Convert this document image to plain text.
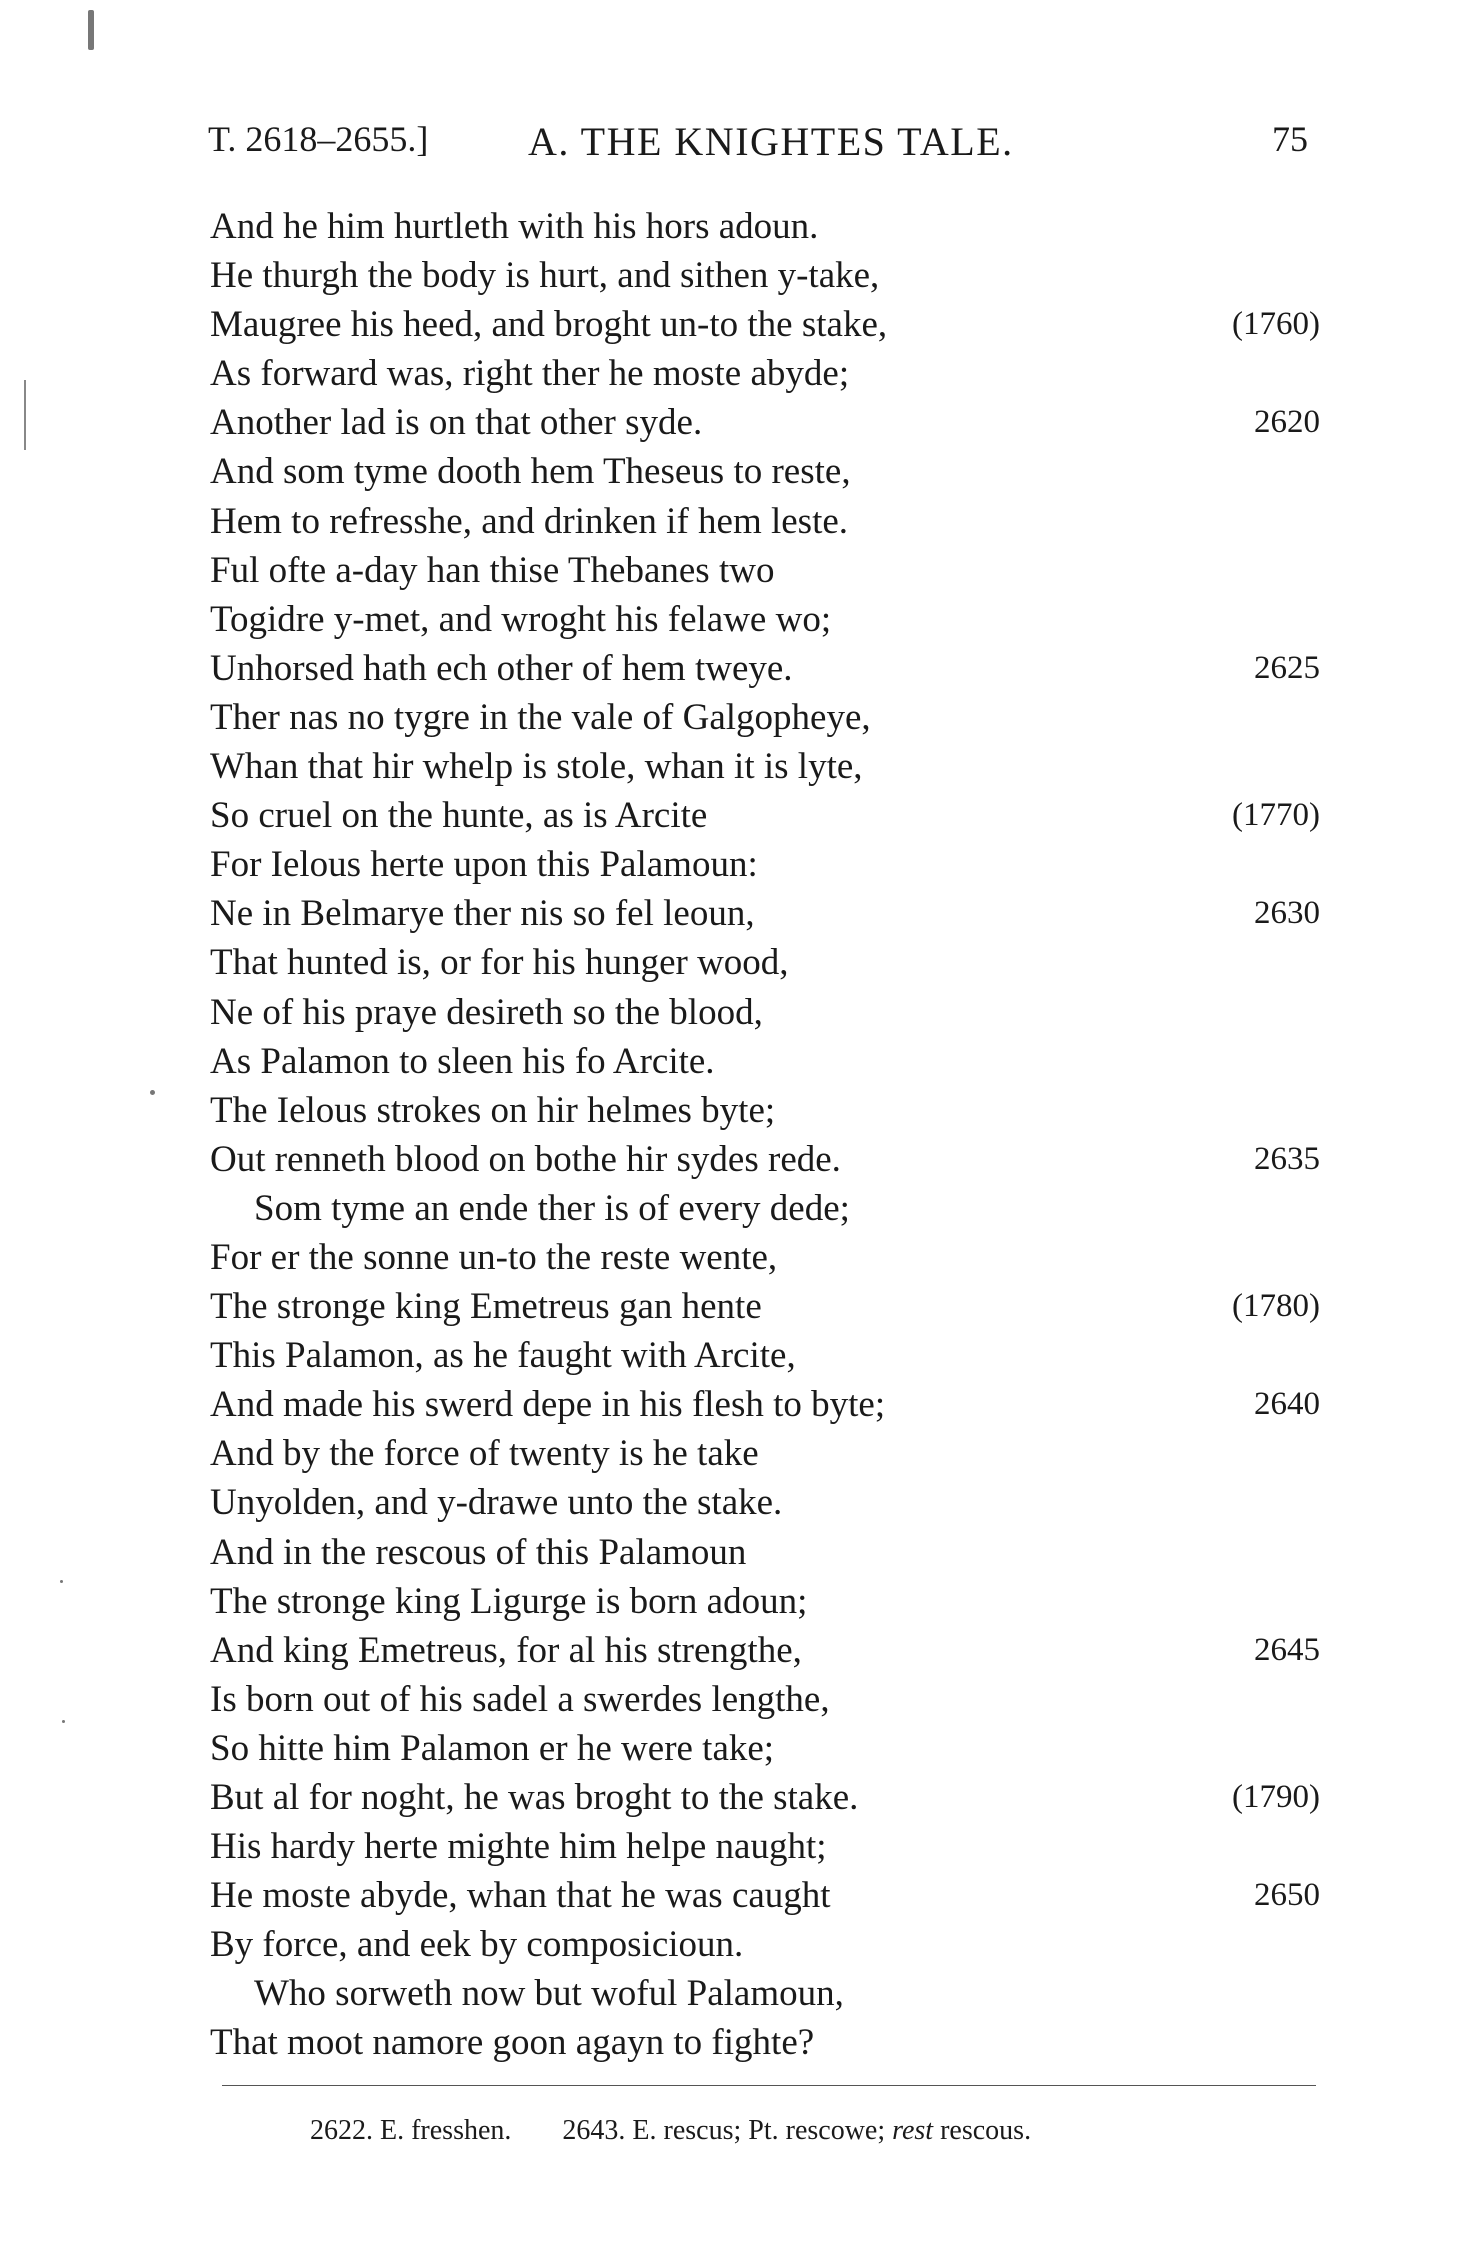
T. 2618–2655.] A. THE KNIGHTES TALE.	75
And he him hurtleth with his hors adoun.
He thurgh the body is hurt, and sithen y-take,
Maugree his heed, and broght un-to the stake,	(1760)
As forward was, right ther he moste abyde;
Another lad is on that other syde.	2620
And som tyme dooth hem Theseus to reste,
Hem to refresshe, and drinken if hem leste.
Ful ofte a-day han thise Thebanes two
Togidre y-met, and wroght his felawe wo;
Unhorsed hath ech other of hem tweye.	2625
Ther nas no tygre in the vale of Galgopheye,
Whan that hir whelp is stole, whan it is lyte,
So cruel on the hunte, as is Arcite	(1770)
For Ielous herte upon this Palamoun:
Ne in Belmarye ther nis so fel leoun,	2630
That hunted is, or for his hunger wood,
Ne of his praye desireth so the blood,
As Palamon to sleen his fo Arcite.
The Ielous strokes on hir helmes byte;
Out renneth blood on bothe hir sydes rede.	2635
Som tyme an ende ther is of every dede;
For er the sonne un-to the reste wente,
The stronge king Emetreus gan hente	(1780)
This Palamon, as he faught with Arcite,
And made his swerd depe in his flesh to byte;	2640
And by the force of twenty is he take
Unyolden, and y-drawe unto the stake.
And in the rescous of this Palamoun
The stronge king Ligurge is born adoun;
And king Emetreus, for al his strengthe,	2645
Is born out of his sadel a swerdes lengthe,
So hitte him Palamon er he were take;
But al for noght, he was broght to the stake.	(1790)
His hardy herte mighte him helpe naught;
He moste abyde, whan that he was caught	2650
By force, and eek by composicioun.
Who sorweth now but woful Palamoun,
That moot namore goon agayn to fighte?
2622. E. fresshen. 2643. E. rescus; Pt. rescowe; rest rescous.
